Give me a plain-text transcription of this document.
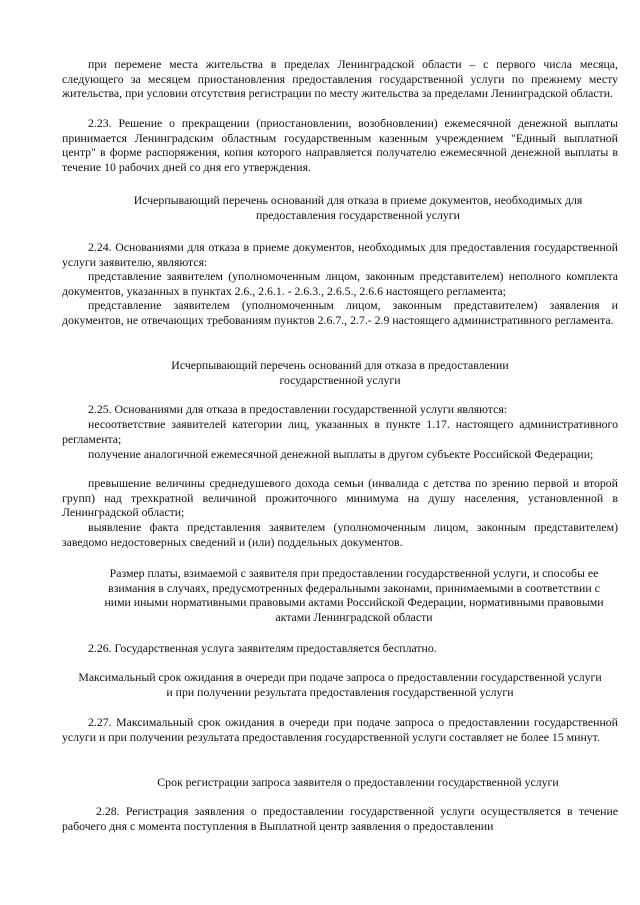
при перемене места жительства в пределах Ленинградской области – с первого числа месяца, следующего за месяцем приостановления предоставления государственной услуги по прежнему месту жительства, при условии отсутствия регистрации по месту жительства за пределами Ленинградской области.

2.23. Решение о прекращении (приостановлении, возобновлении) ежемесячной денежной выплаты принимается Ленинградским областным государственным казенным учреждением "Единый выплатной центр" в форме распоряжения, копия которого направляется получателю ежемесячной денежной выплаты в течение 10 рабочих дней со дня его утверждения.

Исчерпывающий перечень оснований для отказа в приеме документов, необходимых для предоставления государственной услуги

2.24. Основаниями для отказа в приеме документов, необходимых для предоставления государственной услуги заявителю, являются:

представление заявителем (уполномоченным лицом, законным представителем) неполного комплекта документов, указанных в пунктах 2.6., 2.6.1. - 2.6.3., 2.6.5., 2.6.6 настоящего регламента;

представление заявителем (уполномоченным лицом, законным представителем) заявления и документов, не отвечающих требованиям пунктов 2.6.7., 2.7.- 2.9 настоящего административного регламента.

Исчерпывающий перечень оснований для отказа в предоставлении государственной услуги

2.25. Основаниями для отказа в предоставлении государственной услуги являются:

несоответствие заявителей категории лиц, указанных в пункте 1.17. настоящего административного регламента;

получение аналогичной ежемесячной денежной выплаты в другом субъекте Российской Федерации;

превышение величины среднедушевого дохода семьи (инвалида с детства по зрению первой и второй групп) над трехкратной величиной прожиточного минимума на душу населения, установленной в Ленинградской области;

выявление факта представления заявителем (уполномоченным лицом, законным представителем) заведомо недостоверных сведений и (или) поддельных документов.

Размер платы, взимаемой с заявителя при предоставлении государственной услуги, и способы ее взимания в случаях, предусмотренных федеральными законами, принимаемыми в соответствии с ними иными нормативными правовыми актами Российской Федерации, нормативными правовыми актами Ленинградской области

2.26. Государственная услуга заявителям предоставляется бесплатно.

Максимальный срок ожидания в очереди при подаче запроса о предоставлении государственной услуги и при получении результата предоставления государственной услуги

2.27. Максимальный срок ожидания в очереди при подаче запроса о предоставлении государственной услуги и при получении результата предоставления государственной услуги составляет не более 15 минут.

Срок регистрации запроса заявителя о предоставлении государственной услуги

2.28. Регистрация заявления о предоставлении государственной услуги осуществляется в течение рабочего дня с момента поступления в Выплатной центр заявления о предоставлении
